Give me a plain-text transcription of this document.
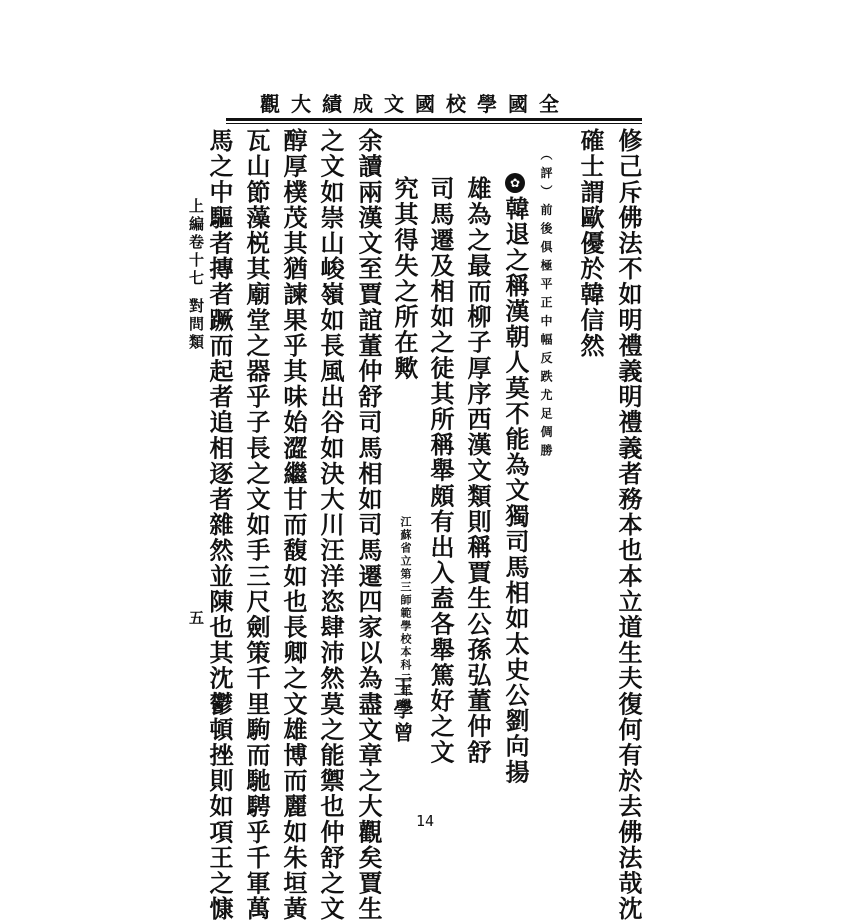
全國學校國文成績大觀
修己斥佛法不如明禮義明禮義者務本也本立道生夫復何有於去佛法哉沈
確士謂歐優於韓信然
（評）前後俱極平正中幅反跌尤足倜勝
✿
韓退之稱漢朝人莫不能為文獨司馬相如太史公劉向揚
雄為之最而柳子厚序西漢文類則稱賈生公孫弘董仲舒
司馬遷及相如之徒其所稱舉頗有出入盍各舉篤好之文
究其得失之所在歟
江蘇省立第三師範學校本科二年級
王學曾
余讀兩漢文至賈誼董仲舒司馬相如司馬遷四家以為盡文章之大觀矣賈生
之文如崇山峻嶺如長風出谷如決大川汪洋恣肆沛然莫之能禦也仲舒之文
醇厚樸茂其猶諫果乎其味始澀繼甘而馥如也長卿之文雄博而麗如朱垣黃
瓦山節藻棁其廟堂之器乎子長之文如手三尺劍策千里駒而馳騁乎千軍萬
馬之中驅者摶者蹶而起者追相逐者雜然並陳也其沈鬱頓挫則如項王之慷
上編卷十七
對問類
五
14
